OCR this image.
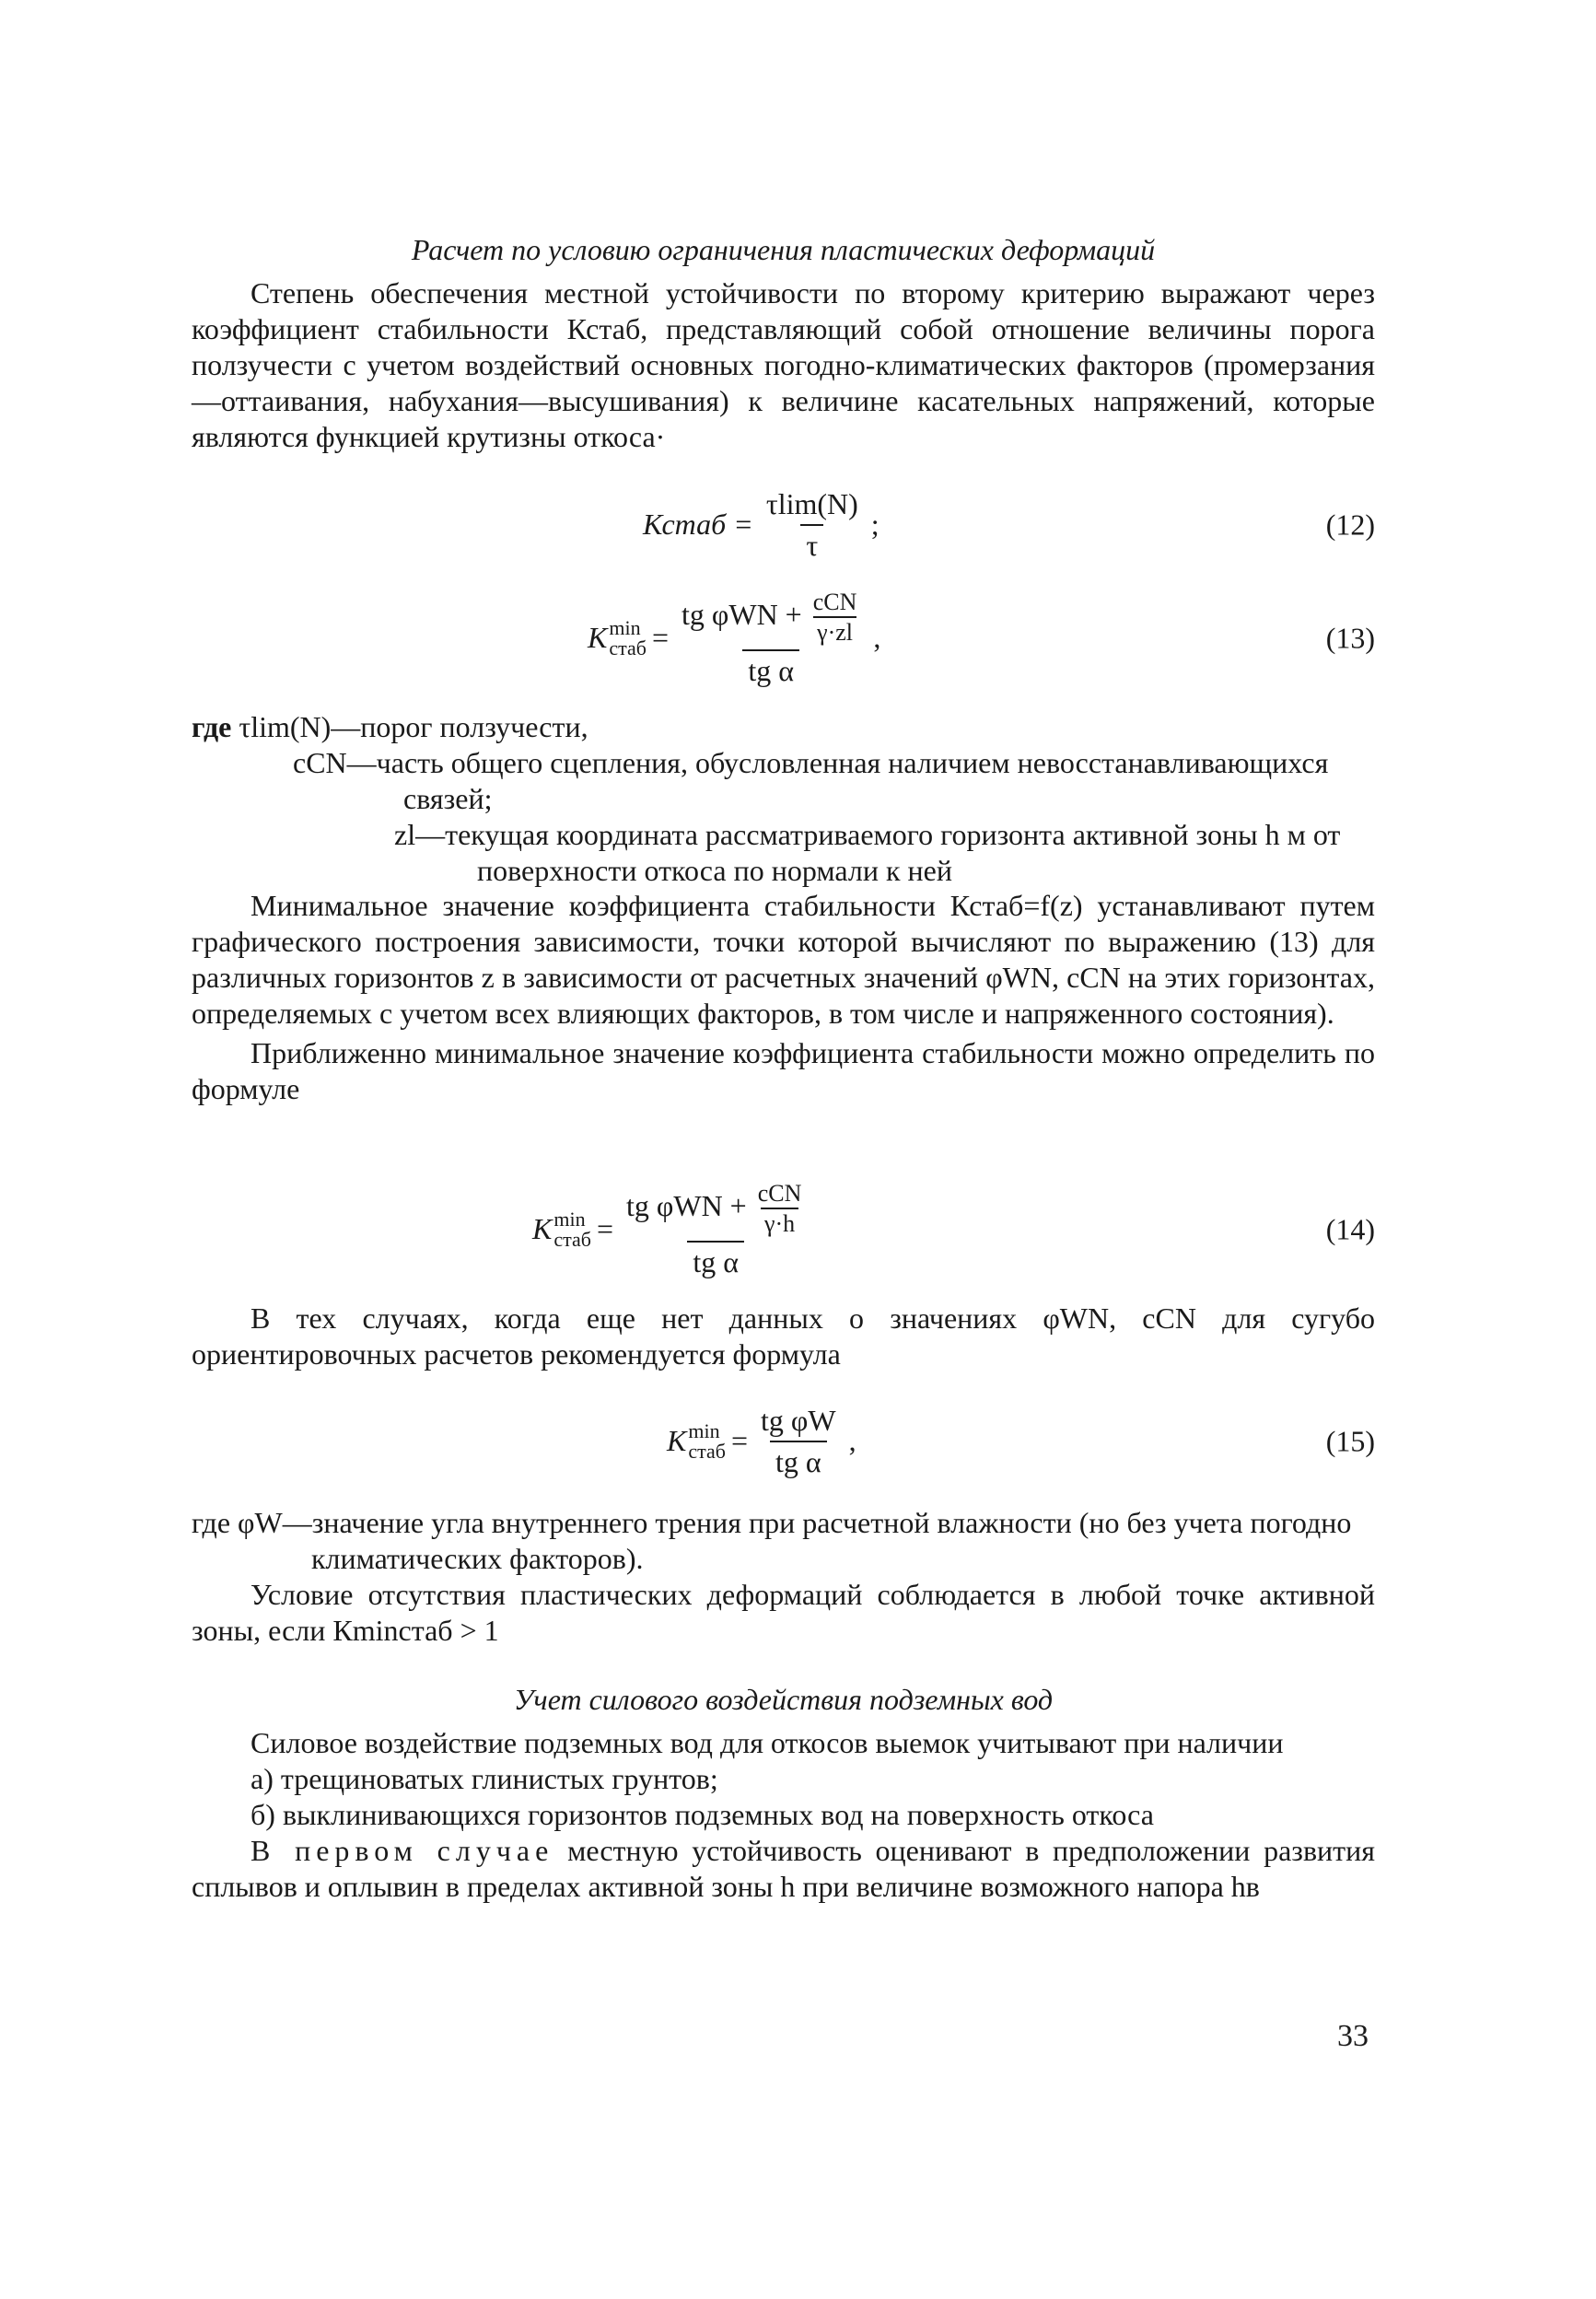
Расчет по условию ограничения пластических деформаций

Степень обеспечения местной устойчивости по второму критерию выражают через коэффициент стабильности Кстаб, представляющий собой отношение величины порога ползучести с учетом воздействий основных погодно-климатических факторов (промерзания—оттаивания, набухания—высушивания) к величине касательных напряжений, которые являются функцией крутизны откоса·

Кстаб = $\frac{\tau\lim(N)}{\tau}$ ;	(12)
K min
стаб = tg φWN + cCN
γ·zl
tg α ,	(13)

где τlim(N)—порог ползучести,

cCN—часть общего сцепления, обусловленная наличием невосстанавливающихся связей;

zl—текущая координата рассматриваемого горизонта активной зоны h м от поверхности откоса по нормали к ней

Минимальное значение коэффициента стабильности Кстаб=f(z) устанавливают путем графического построения зависимости, точки которой вычисляют по выражению (13) для различных горизонтов z в зависимости от расчетных значений φWN, cCN на этих горизонтах, определяемых с учетом всех влияющих факторов, в том числе и напряженного состояния).

Приближенно минимальное значение коэффициента стабильности можно определить по формуле

K min
стаб = tg φWN + cCN
γ·h
tg α	(14)

В тех случаях, когда еще нет данных о значениях φWN, cCN для сугубо ориентировочных расчетов рекомендуется формула

K min
стаб = $\frac{\text{tg φW}}{\text{tg α}}$ ,	(15)

где φW—значение угла внутреннего трения при расчетной влажности (но без учета погодно климатических факторов).

Условие отсутствия пластических деформаций соблюдается в любой точке активной зоны, если Кminстаб > 1

Учет силового воздействия подземных вод

Силовое воздействие подземных вод для откосов выемок учитывают при наличии

а) трещиноватых глинистых грунтов;

б) выклинивающихся горизонтов подземных вод на поверхность откоса

В первом случае местную устойчивость оценивают в предположении развития сплывов и оплывин в пределах активной зоны h при величине возможного напора hв

33
